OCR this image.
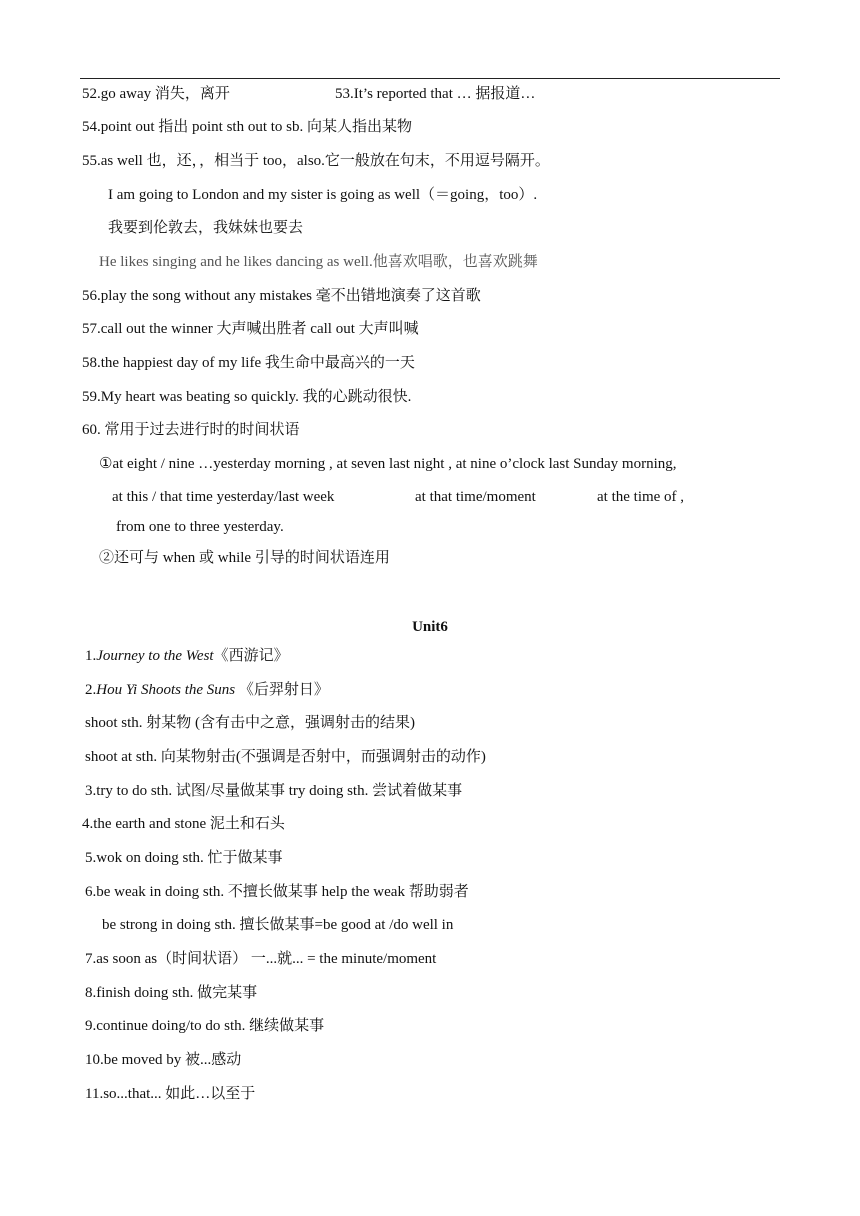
52.go away 消失，离开	53.It’s reported that … 据报道…
54.point out 指出 point sth out to sb. 向某人指出某物
55.as well 也，还，，相当于 too，also.它一般放在句末，不用逗号隔开。
I am going to London and my sister is going as well（＝going，too）.
我要到伦敦去，我妹妹也要去
He likes singing and he likes dancing as well.他喜欢唱歌，也喜欢跳舞
56.play the song without any mistakes 毫不出错地演奏了这首歌
57.call out the winner 大声喊出胜者 call out 大声叫喊
58.the happiest day of my life 我生命中最高兴的一天
59.My heart was beating so quickly. 我的心跳动很快.
60. 常用于过去进行时的时间状语
①at eight / nine …yesterday morning , at seven last night , at nine o’clock last Sunday morning,
at this / that time yesterday/last week	at that time/moment	at the time of ,
from one to three yesterday.
②还可与 when 或 while 引导的时间状语连用
Unit6
1.Journey to the West《西游记》
2.Hou Yi Shoots the Suns 《后羿射日》
shoot sth. 射某物 (含有击中之意，强调射击的结果)
shoot at sth. 向某物射击(不强调是否射中，而强调射击的动作)
3.try to do sth. 试图/尽量做某事 try doing sth. 尝试着做某事
4.the earth and stone 泥土和石头
5.wok on doing sth. 忙于做某事
6.be weak in doing sth. 不擅长做某事 help the weak 帮助弱者
be strong in doing sth. 擅长做某事=be good at /do well in
7.as soon as（时间状语） 一...就... = the minute/moment
8.finish doing sth. 做完某事
9.continue doing/to do sth. 继续做某事
10.be moved by 被...感动
11.so...that... 如此…以至于
